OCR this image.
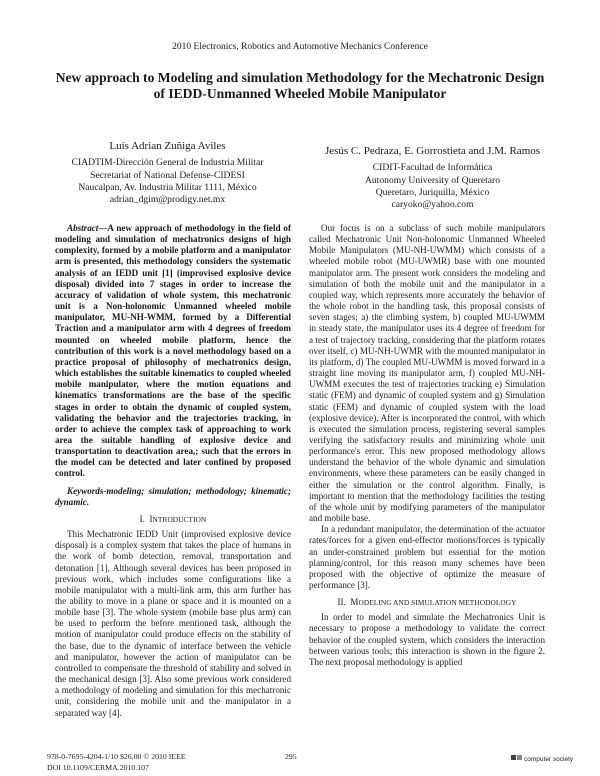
2010 Electronics, Robotics and Automotive Mechanics Conference
New approach to Modeling and simulation Methodology for the Mechatronic Design
of IEDD-Unmanned Wheeled Mobile Manipulator
Luis Adrian Zuñiga Aviles
CIADTIM-Dirección General de Industria Militar
Secretariat of National Defense-CIDESI
Naucalpan, Av. Industria Militar 1111, México
adrian_dgim@prodigy.net.mx
Jesús C. Pedraza, E. Gorrostieta and J.M. Ramos
CIDIT-Facultad de Informática
Autonomy University of Queretaro
Queretaro, Juriquilla, México
caryoko@yahoo.com

Abstract—A new approach of methodology in the field of modeling and simulation of mechatronics designs of high complexity, formed by a mobile platform and a manipulator arm is presented, this methodology considers the systematic analysis of an IEDD unit [1] (improvised explosive device disposal) divided into 7 stages in order to increase the accuracy of validation of whole system, this mechatronic unit is a Non-holonomic Unmanned wheeled mobile manipulator, MU-NH-WMM, formed by a Differential Traction and a manipulator arm with 4 degrees of freedom mounted on wheeled mobile platform, hence the contribution of this work is a novel methodology based on a practice proposal of philosophy of mechatronics design, which establishes the suitable kinematics to coupled wheeled mobile manipulator, where the motion equations and kinematics transformations are the base of the specific stages in order to obtain the dynamic of coupled system, validating the behavior and the trajectories tracking, in order to achieve the complex task of approaching to work area the suitable handling of explosive device and transportation to deactivation area,; such that the errors in the model can be detected and later confined by proposed control.

Keywords-modeling; simulation; methodology; kinematic; dynamic.

I. INTRODUCTION

This Mechatronic IEDD Unit (improvised explosive device disposal) is a complex system that takes the place of humans in the work of bomb detection, removal, transportation and detonation [1], Although several devices has been proposed in previous work, which includes some configurations like a mobile manipulator with a multi-link arm, this arm further has the ability to move in a plane or space and it is mounted on a mobile base [3]. The whole system (mobile base plus arm) can be used to perform the before mentioned task, although the motion of manipulator could produce effects on the stability of the base, due to the dynamic of interface between the vehicle and manipulator, however the action of manipulator can be controlled to compensate the threshold of stability and solved in the mechanical design [3]. Also some previous work considered a methodology of modeling and simulation for this mechatronic unit, considering the mobile unit and the manipulator in a separated way [4].

Our focus is on a subclass of such mobile manipulators called Mechatronic Unit Non-holonomic Unmanned Wheeled Mobile Manipulators (MU-NH-UWMM) which consists of a wheeled mobile robot (MU-UWMR) base with one mounted manipulator arm. The present work considers the modeling and simulation of both the mobile unit and the manipulator in a coupled way, which represents more accurately the behavior of the whole robot in the handling task, this proposal consists of seven stages; a) the climbing system, b) coupled MU-UWMM in steady state, the manipulator uses its 4 degree of freedom for a test of trajectory tracking, considering that the platform rotates over itself, c) MU-NH-UWMR with the mounted manipulator in its platform, d) The coupled MU-UWMM is moved forward in a straight line moving its manipulator arm, f) coupled MU-NH-UWMM executes the test of trajectories tracking e) Simulation static (FEM) and dynamic of coupled system and g) Simulation static (FEM) and dynamic of coupled system with the load (explosive device). After is incorporated the control, with which is executed the simulation process, registering several samples verifying the satisfactory results and minimizing whole unit performance's error. This new proposed methodology allows understand the behavior of the whole dynamic and simulation environments, where these parameters can be easily changed in either the simulation or the control algorithm. Finally, is important to mention that the methodology facilities the testing of the whole unit by modifying parameters of the manipulator and mobile base.

In a redundant manipulator, the determination of the actuator rates/forces for a given end-effector motions/forces is typically an under-constrained problem but essential for the motion planning/control, for this reason many schemes have been proposed with the objective of optimize the measure of performance [3].

II. MODELING AND SIMULATION METHODOLOGY

In order to model and simulate the Mechatronics Unit is necessary to propose a methodology to validate the correct behavior of the coupled system, which considers the interaction between various tools; this interaction is shown in the figure 2. The next proposal methodology is applied

978-0-7695-4204-1/10 $26.00 © 2010 IEEE
DOI 10.1109/CERMA.2010.107
295	computer society
